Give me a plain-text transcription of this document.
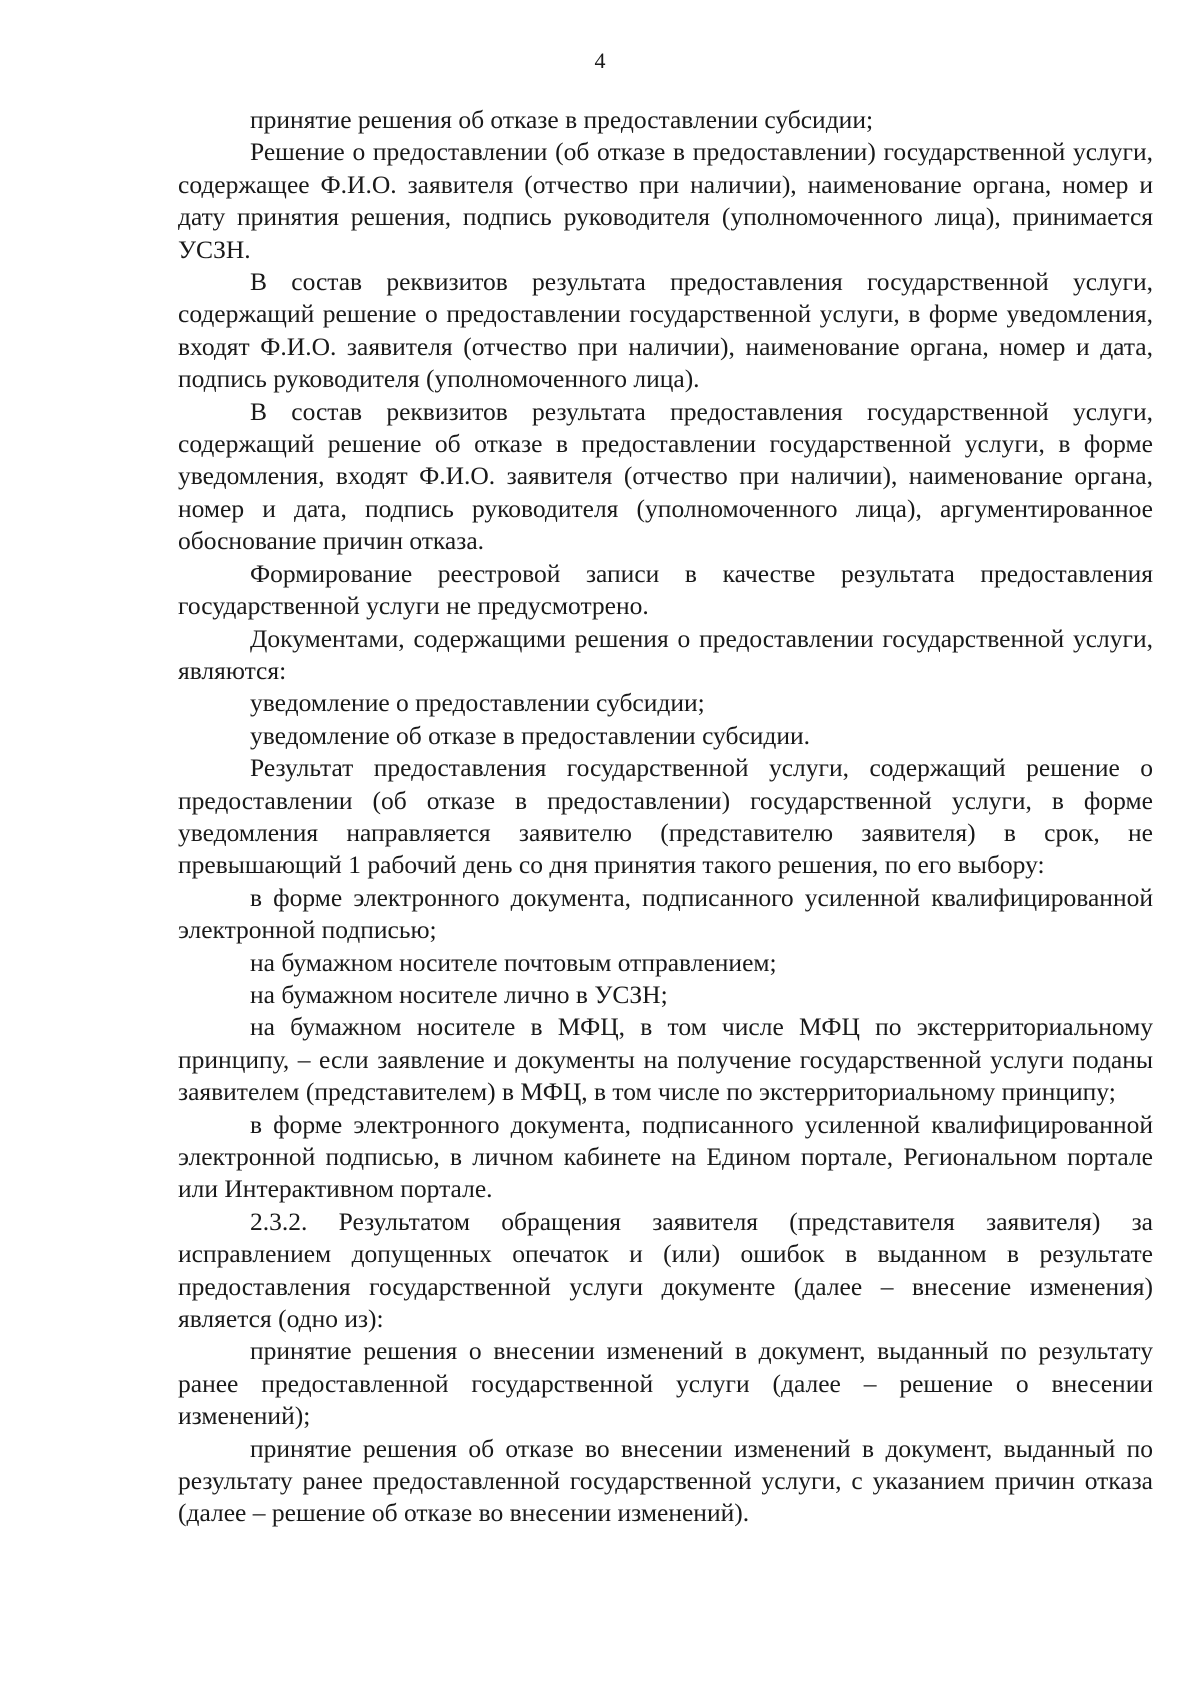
4

принятие решения об отказе в предоставлении субсидии;

Решение о предоставлении (об отказе в предоставлении) государственной услуги, содержащее Ф.И.О. заявителя (отчество при наличии), наименование органа, номер и дату принятия решения, подпись руководителя (уполномоченного лица), принимается УСЗН.

В состав реквизитов результата предоставления государственной услуги, содержащий решение о предоставлении государственной услуги, в форме уведомления, входят Ф.И.О. заявителя (отчество при наличии), наименование органа, номер и дата, подпись руководителя (уполномоченного лица).

В состав реквизитов результата предоставления государственной услуги, содержащий решение об отказе в предоставлении государственной услуги, в форме уведомления, входят Ф.И.О. заявителя (отчество при наличии), наименование органа, номер и дата, подпись руководителя (уполномоченного лица), аргументированное обоснование причин отказа.

Формирование реестровой записи в качестве результата предоставления государственной услуги не предусмотрено.

Документами, содержащими решения о предоставлении государственной услуги, являются:

уведомление о предоставлении субсидии;

уведомление об отказе в предоставлении субсидии.

Результат предоставления государственной услуги, содержащий решение о предоставлении (об отказе в предоставлении) государственной услуги, в форме уведомления направляется заявителю (представителю заявителя) в срок, не превышающий 1 рабочий день со дня принятия такого решения, по его выбору:

в форме электронного документа, подписанного усиленной квалифицированной электронной подписью;

на бумажном носителе почтовым отправлением;

на бумажном носителе лично в УСЗН;

на бумажном носителе в МФЦ, в том числе МФЦ по экстерриториальному принципу, – если заявление и документы на получение государственной услуги поданы заявителем (представителем) в МФЦ, в том числе по экстерриториальному принципу;

в форме электронного документа, подписанного усиленной квалифицированной электронной подписью, в личном кабинете на Едином портале, Региональном портале или Интерактивном портале.

2.3.2. Результатом обращения заявителя (представителя заявителя) за исправлением допущенных опечаток и (или) ошибок в выданном в результате предоставления государственной услуги документе (далее – внесение изменения) является (одно из):

принятие решения о внесении изменений в документ, выданный по результату ранее предоставленной государственной услуги (далее – решение о внесении изменений);

принятие решения об отказе во внесении изменений в документ, выданный по результату ранее предоставленной государственной услуги, с указанием причин отказа (далее – решение об отказе во внесении изменений).
